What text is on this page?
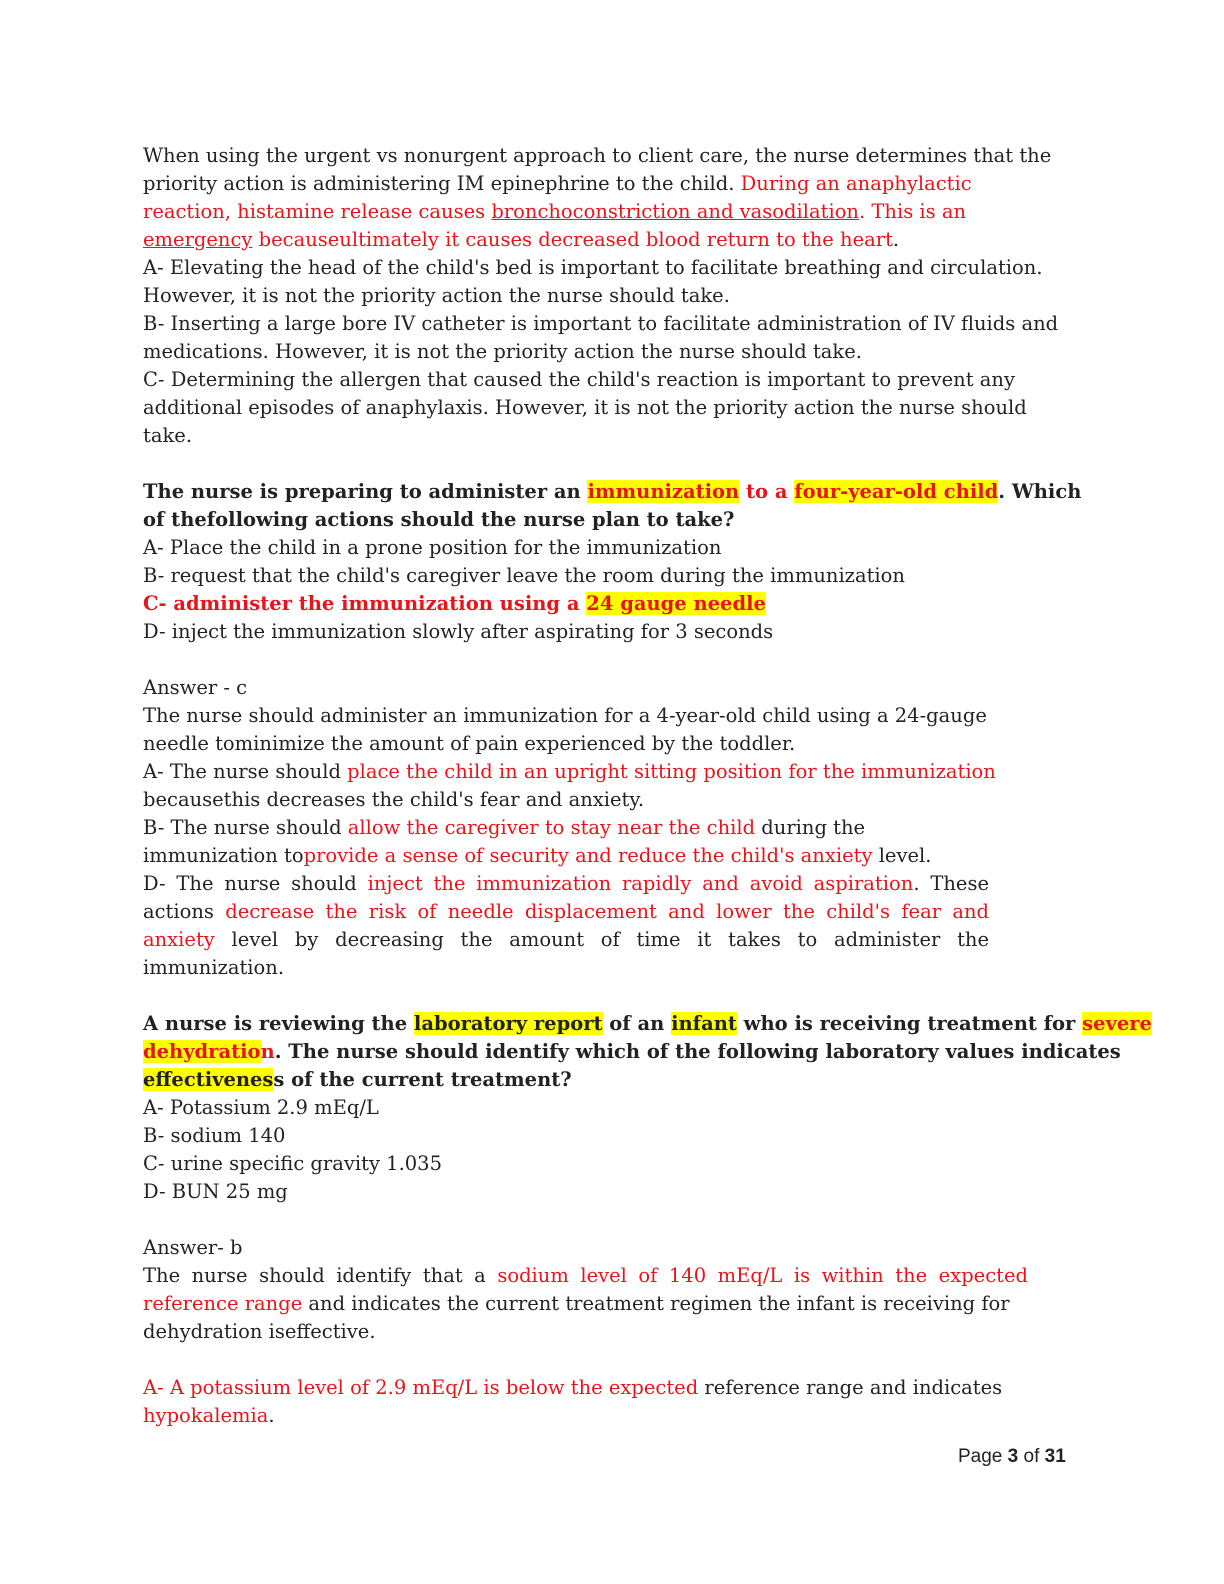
When using the urgent vs nonurgent approach to client care, the nurse determines that the

priority action is administering IM epinephrine to the child. During an anaphylactic

reaction, histamine release causes bronchoconstriction and vasodilation. This is an

emergency becauseultimately it causes decreased blood return to the heart.

A- Elevating the head of the child's bed is important to facilitate breathing and circulation.

However, it is not the priority action the nurse should take.

B- Inserting a large bore IV catheter is important to facilitate administration of IV fluids and

medications. However, it is not the priority action the nurse should take.

C- Determining the allergen that caused the child's reaction is important to prevent any

additional episodes of anaphylaxis. However, it is not the priority action the nurse should

take.

The nurse is preparing to administer an immunization to a four-year-old child. Which

of thefollowing actions should the nurse plan to take?

A- Place the child in a prone position for the immunization

B- request that the child's caregiver leave the room during the immunization

C- administer the immunization using a 24 gauge needle

D- inject the immunization slowly after aspirating for 3 seconds

Answer - c

The nurse should administer an immunization for a 4-year-old child using a 24-gauge

needle tominimize the amount of pain experienced by the toddler.

A- The nurse should place the child in an upright sitting position for the immunization

becausethis decreases the child's fear and anxiety.

B- The nurse should allow the caregiver to stay near the child during the

immunization toprovide a sense of security and reduce the child's anxiety level.

D- The nurse should inject the immunization rapidly and avoid aspiration. These

actions decrease the risk of needle displacement and lower the child's fear and

anxiety level by decreasing the amount of time it takes to administer the

immunization.

A nurse is reviewing the laboratory report of an infant who is receiving treatment for severe

dehydration. The nurse should identify which of the following laboratory values indicates

effectiveness of the current treatment?

A- Potassium 2.9 mEq/L

B- sodium 140

C- urine specific gravity 1.035

D- BUN 25 mg

Answer- b

The nurse should identify that a sodium level of 140 mEq/L is within the expected

reference range and indicates the current treatment regimen the infant is receiving for

dehydration iseffective.

A- A potassium level of 2.9 mEq/L is below the expected reference range and indicates

hypokalemia.

Page 3 of 31
